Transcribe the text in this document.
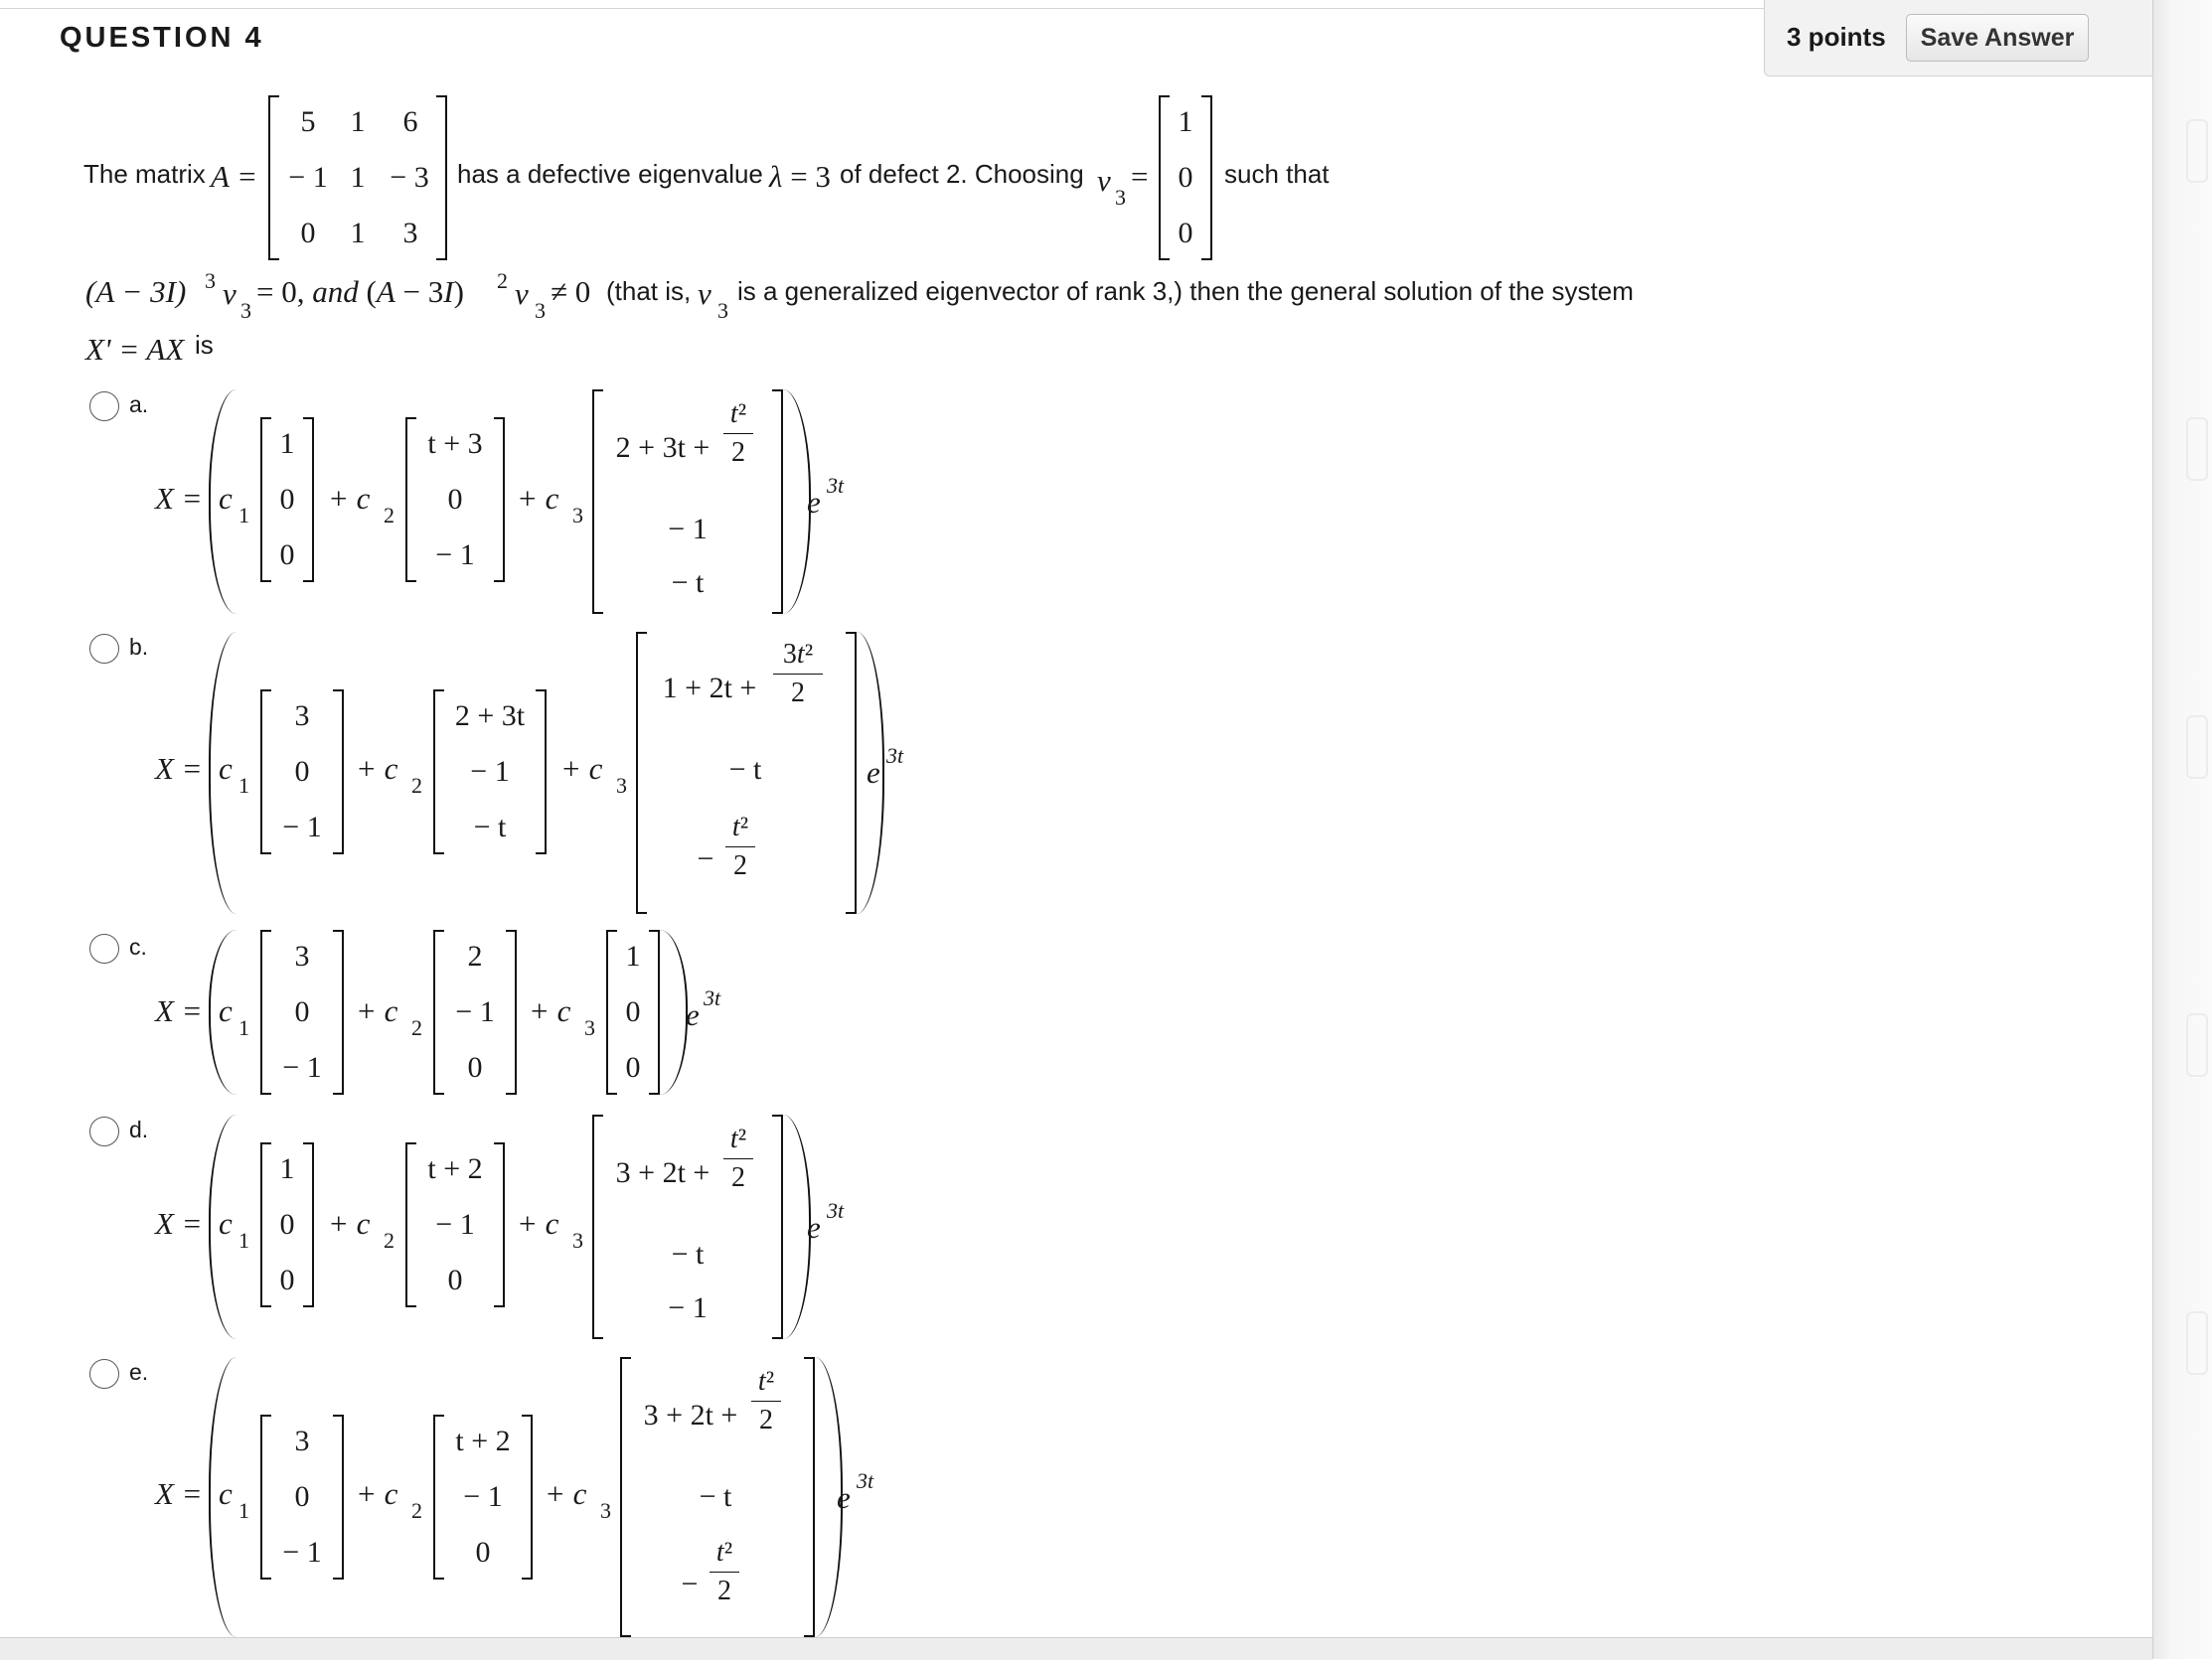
QUESTION 4	3 points	Save Answer
The matrix A =
5	1	6
− 1 1 − 3
0	1	3
has a defective eigenvalue λ = 3 of defect 2. Choosing v 3
=
1
0
0
such that
(A − 3I) 3 v 3
= 0, and (A − 3I) 2 v 3
≠ 0 (that is, v 3
is a generalized eigenvector of rank 3,) then the general solution of the system
X' = AX is
a.
X = c 1
1
0
0
+ c 2
t + 3
0
− 1
+ c 3
2 + 3t +
t²
2
− 1
− t
e 3t
b.
X = c 1
3
0
− 1
+ c 2
2 + 3t
− 1
− t
+ c 3
1 + 2t +
3t²
2
− t
−
t²
2
e 3t
c.
X = c 1
3
0
− 1
+ c 2
2
− 1
0
+ c 3
1
0
0
e 3t
d.
X = c 1
1
0
0
+ c 2
t + 2
− 1
0
+ c 3
3 + 2t +
t²
2
− t
− 1
e 3t
e.
X = c 1
3
0
− 1
+ c 2
t + 2
− 1
0
+ c 3
3 + 2t +
t²
2
− t
−
t²
2
e 3t
